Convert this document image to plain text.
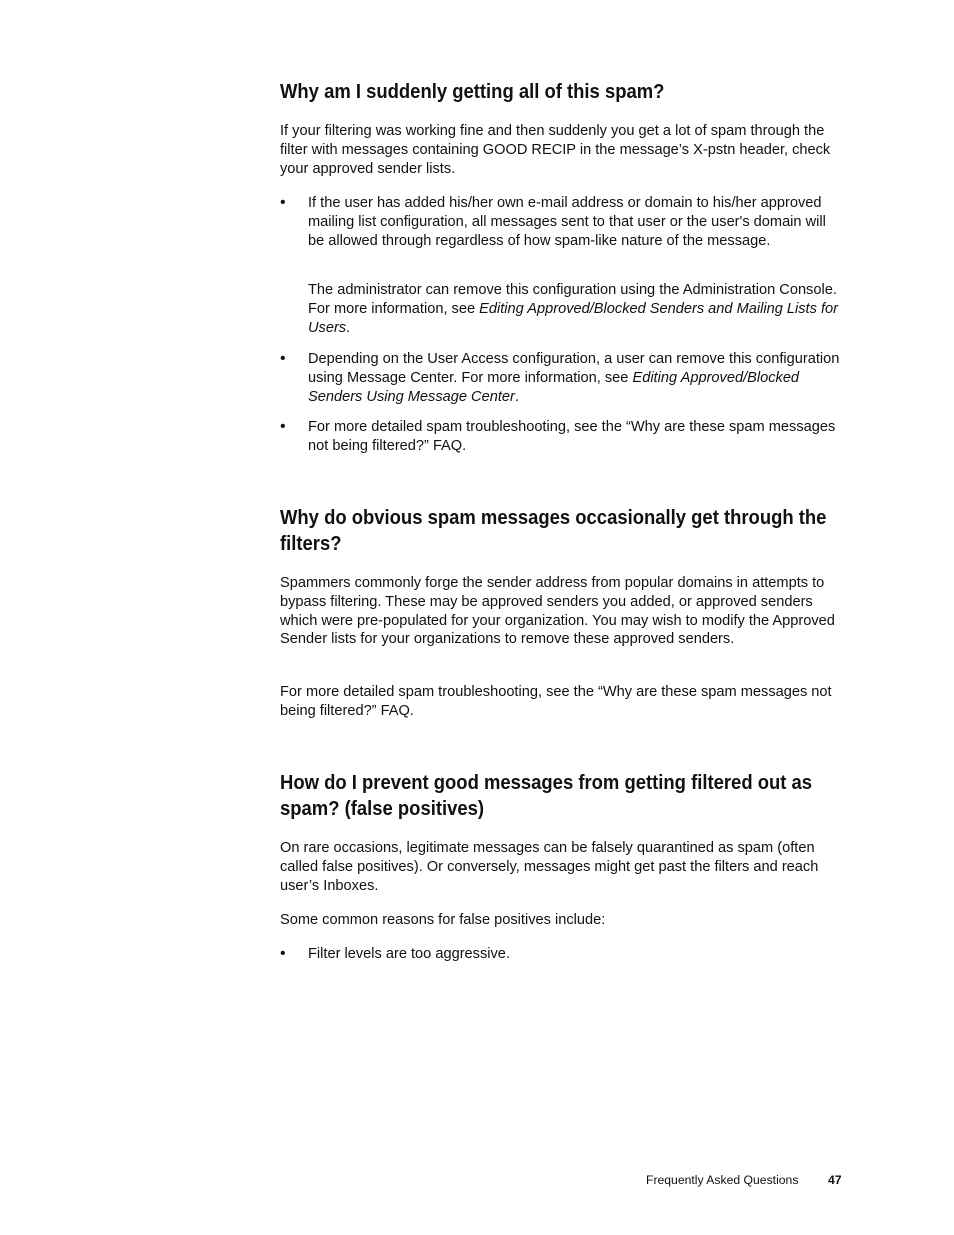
Why am I suddenly getting all of this spam?

If your filtering was working fine and then suddenly you get a lot of spam through the filter with messages containing GOOD RECIP in the message’s X-pstn header, check your approved sender lists.

• If the user has added his/her own e-mail address or domain to his/her approved mailing list configuration, all messages sent to that user or the user's domain will be allowed through regardless of how spam-like nature of the message.

The administrator can remove this configuration using the Administration Console. For more information, see Editing Approved/Blocked Senders and Mailing Lists for Users.

• Depending on the User Access configuration, a user can remove this configuration using Message Center. For more information, see Editing Approved/Blocked Senders Using Message Center.

• For more detailed spam troubleshooting, see the “Why are these spam messages not being filtered?” FAQ.

Why do obvious spam messages occasionally get through the filters?

Spammers commonly forge the sender address from popular domains in attempts to bypass filtering. These may be approved senders you added, or approved senders which were pre-populated for your organization. You may wish to modify the Approved Sender lists for your organizations to remove these approved senders.

For more detailed spam troubleshooting, see the “Why are these spam messages not being filtered?” FAQ.

How do I prevent good messages from getting filtered out as spam? (false positives)

On rare occasions, legitimate messages can be falsely quarantined as spam (often called false positives). Or conversely, messages might get past the filters and reach user’s Inboxes.

Some common reasons for false positives include:

• Filter levels are too aggressive.

Frequently Asked Questions 47
